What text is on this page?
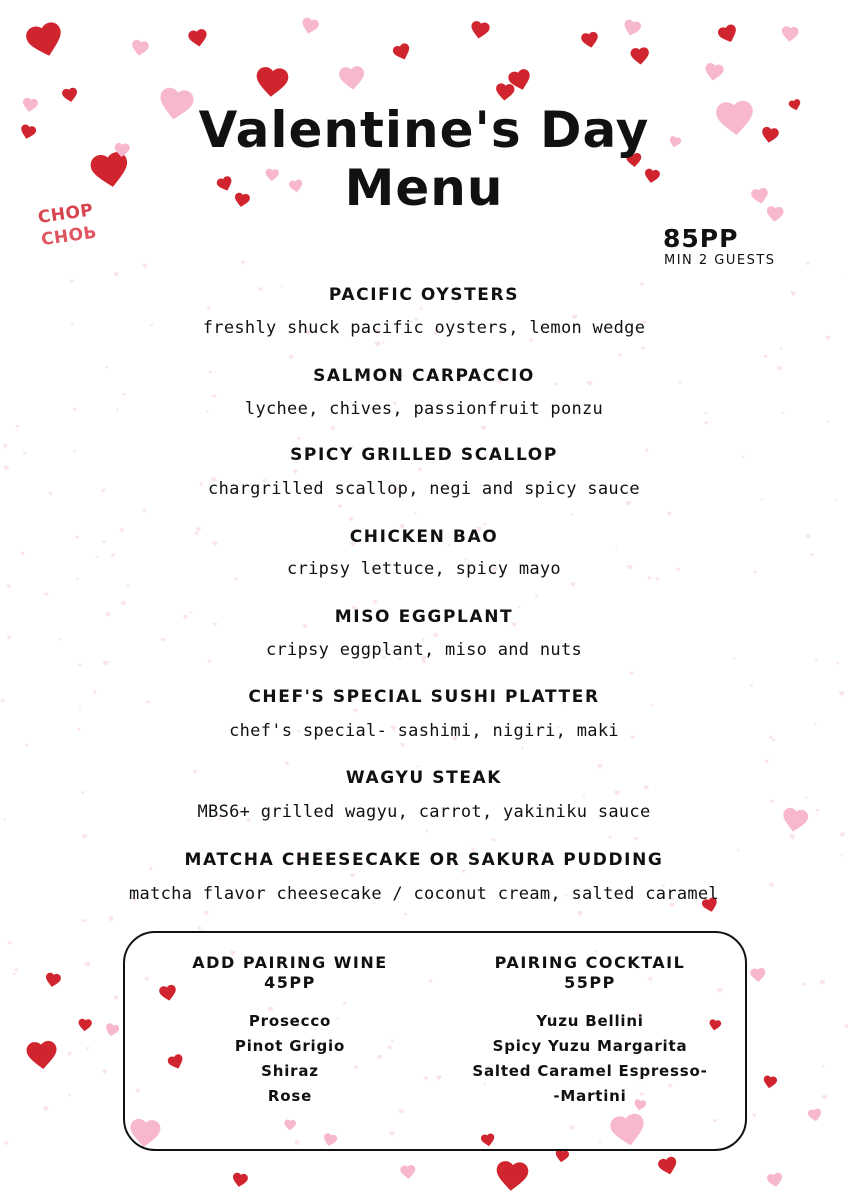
Valentine's Day
Menu
CHOP
CHOP	85PP
MIN 2 GUESTS
PACIFIC OYSTERS
freshly shuck pacific oysters, lemon wedge
SALMON CARPACCIO
lychee, chives, passionfruit ponzu
SPICY GRILLED SCALLOP
chargrilled scallop, negi and spicy sauce
CHICKEN BAO
cripsy lettuce, spicy mayo
MISO EGGPLANT
cripsy eggplant, miso and nuts
CHEF'S SPECIAL SUSHI PLATTER
chef's special- sashimi, nigiri, maki
WAGYU STEAK
MBS6+ grilled wagyu, carrot, yakiniku sauce
MATCHA CHEESECAKE OR SAKURA PUDDING
matcha flavor cheesecake / coconut cream, salted caramel
ADD PAIRING WINE
45PP
Prosecco
Pinot Grigio
Shiraz
Rose
PAIRING COCKTAIL
55PP
Yuzu Bellini
Spicy Yuzu Margarita
Salted Caramel Espresso-
-Martini
